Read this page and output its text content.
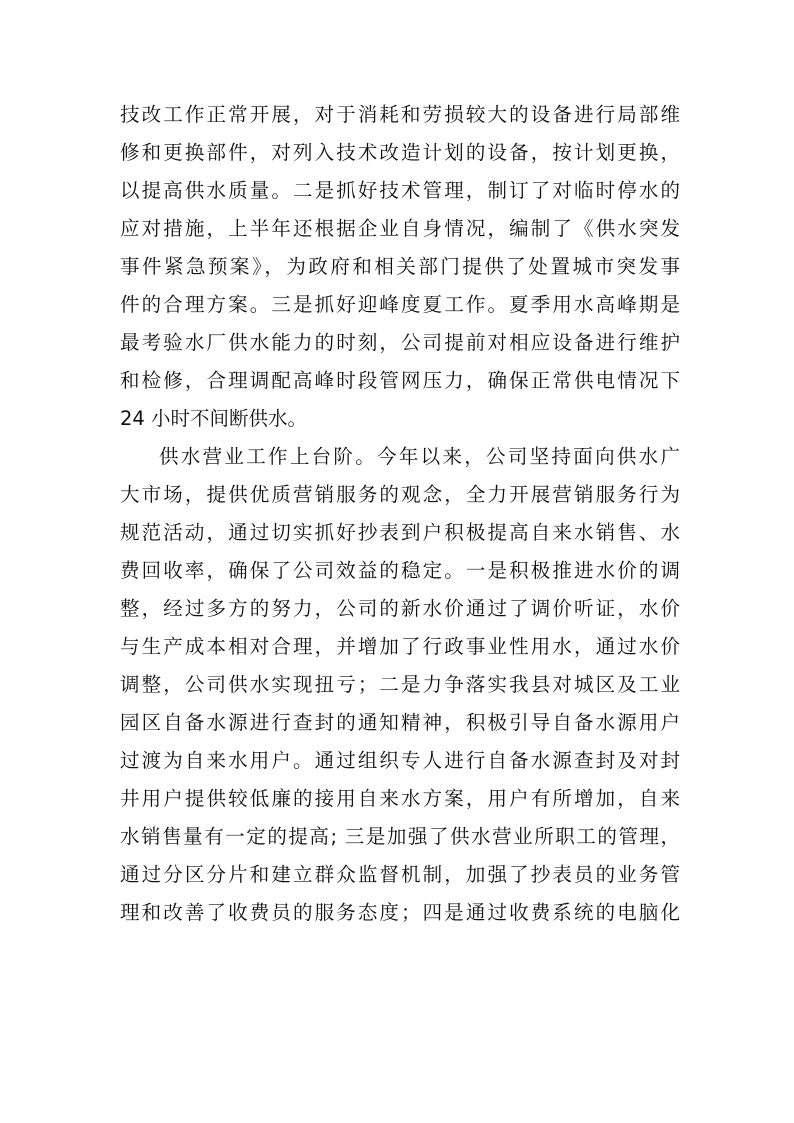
技改工作正常开展，对于消耗和劳损较大的设备进行局部维
修和更换部件，对列入技术改造计划的设备，按计划更换，
以提高供水质量。二是抓好技术管理，制订了对临时停水的
应对措施，上半年还根据企业自身情况，编制了《供水突发
事件紧急预案》，为政府和相关部门提供了处置城市突发事
件的合理方案。三是抓好迎峰度夏工作。夏季用水高峰期是
最考验水厂供水能力的时刻，公司提前对相应设备进行维护
和检修，合理调配高峰时段管网压力，确保正常供电情况下
24 小时不间断供水。
供水营业工作上台阶。今年以来，公司坚持面向供水广
大市场，提供优质营销服务的观念，全力开展营销服务行为
规范活动，通过切实抓好抄表到户积极提高自来水销售、水
费回收率，确保了公司效益的稳定。一是积极推进水价的调
整，经过多方的努力，公司的新水价通过了调价听证，水价
与生产成本相对合理，并增加了行政事业性用水，通过水价
调整，公司供水实现扭亏；二是力争落实我县对城区及工业
园区自备水源进行查封的通知精神，积极引导自备水源用户
过渡为自来水用户。通过组织专人进行自备水源查封及对封
井用户提供较低廉的接用自来水方案，用户有所增加，自来
水销售量有一定的提高; 三是加强了供水营业所职工的管理，
通过分区分片和建立群众监督机制，加强了抄表员的业务管
理和改善了收费员的服务态度；四是通过收费系统的电脑化
